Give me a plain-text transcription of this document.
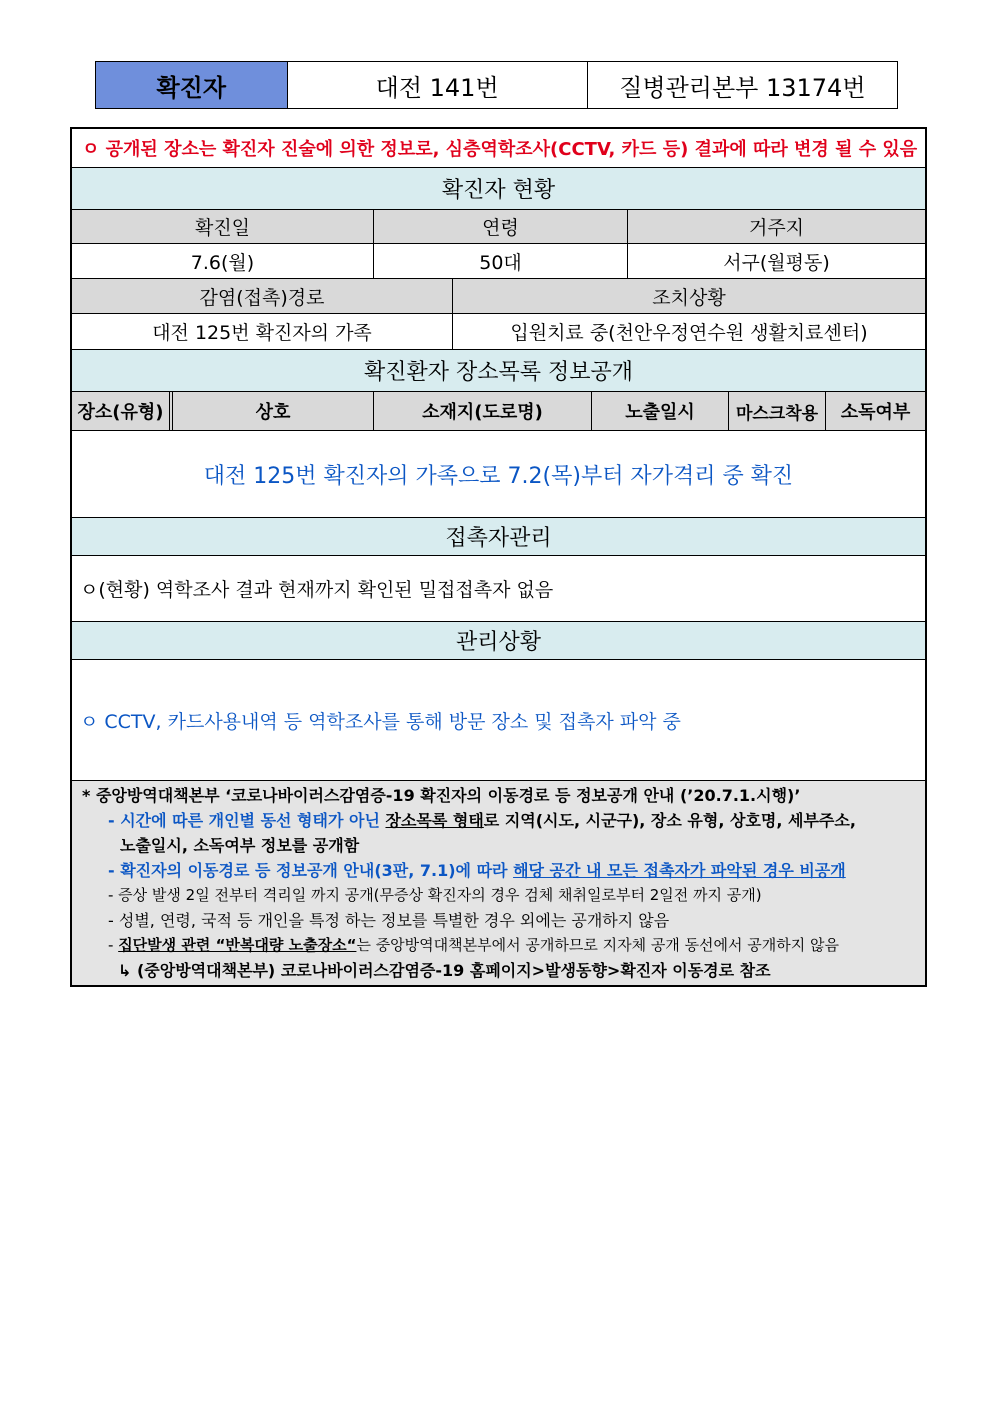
확진자	대전 141번	질병관리본부 13174번
ㅇ 공개된 장소는 확진자 진술에 의한 정보로, 심층역학조사(CCTV, 카드 등) 결과에 따라 변경 될 수 있음
확진자 현황
확진일	연령	거주지
7.6(월)	50대	서구(월평동)
감염(접촉)경로	조치상황
대전 125번 확진자의 가족	입원치료 중(천안우정연수원 생활치료센터)
확진환자 장소목록 정보공개
장소(유형)	상호	소재지(도로명)	노출일시	마스크착용	소독여부
대전 125번 확진자의 가족으로 7.2(목)부터 자가격리 중 확진
접촉자관리
ㅇ(현황) 역학조사 결과 현재까지 확인된 밀접접촉자 없음
관리상황
ㅇ CCTV, 카드사용내역 등 역학조사를 통해 방문 장소 및 접촉자 파악 중
* 중앙방역대책본부 ‘코로나바이러스감염증-19 확진자의 이동경로 등 정보공개 안내 (’20.7.1.시행)’
- 시간에 따른 개인별 동선 형태가 아닌 장소목록 형태로 지역(시도, 시군구), 장소 유형, 상호명, 세부주소,
노출일시, 소독여부 정보를 공개함
- 확진자의 이동경로 등 정보공개 안내(3판, 7.1)에 따라 해당 공간 내 모든 접촉자가 파악된 경우 비공개
- 증상 발생 2일 전부터 격리일 까지 공개(무증상 확진자의 경우 검체 채취일로부터 2일전 까지 공개)
- 성별, 연령, 국적 등 개인을 특정 하는 정보를 특별한 경우 외에는 공개하지 않음
- 집단발생 관련 “반복대량 노출장소“는 중앙방역대책본부에서 공개하므로 지자체 공개 동선에서 공개하지 않음
↳ (중앙방역대책본부) 코로나바이러스감염증-19 홈페이지>발생동향>확진자 이동경로 참조
